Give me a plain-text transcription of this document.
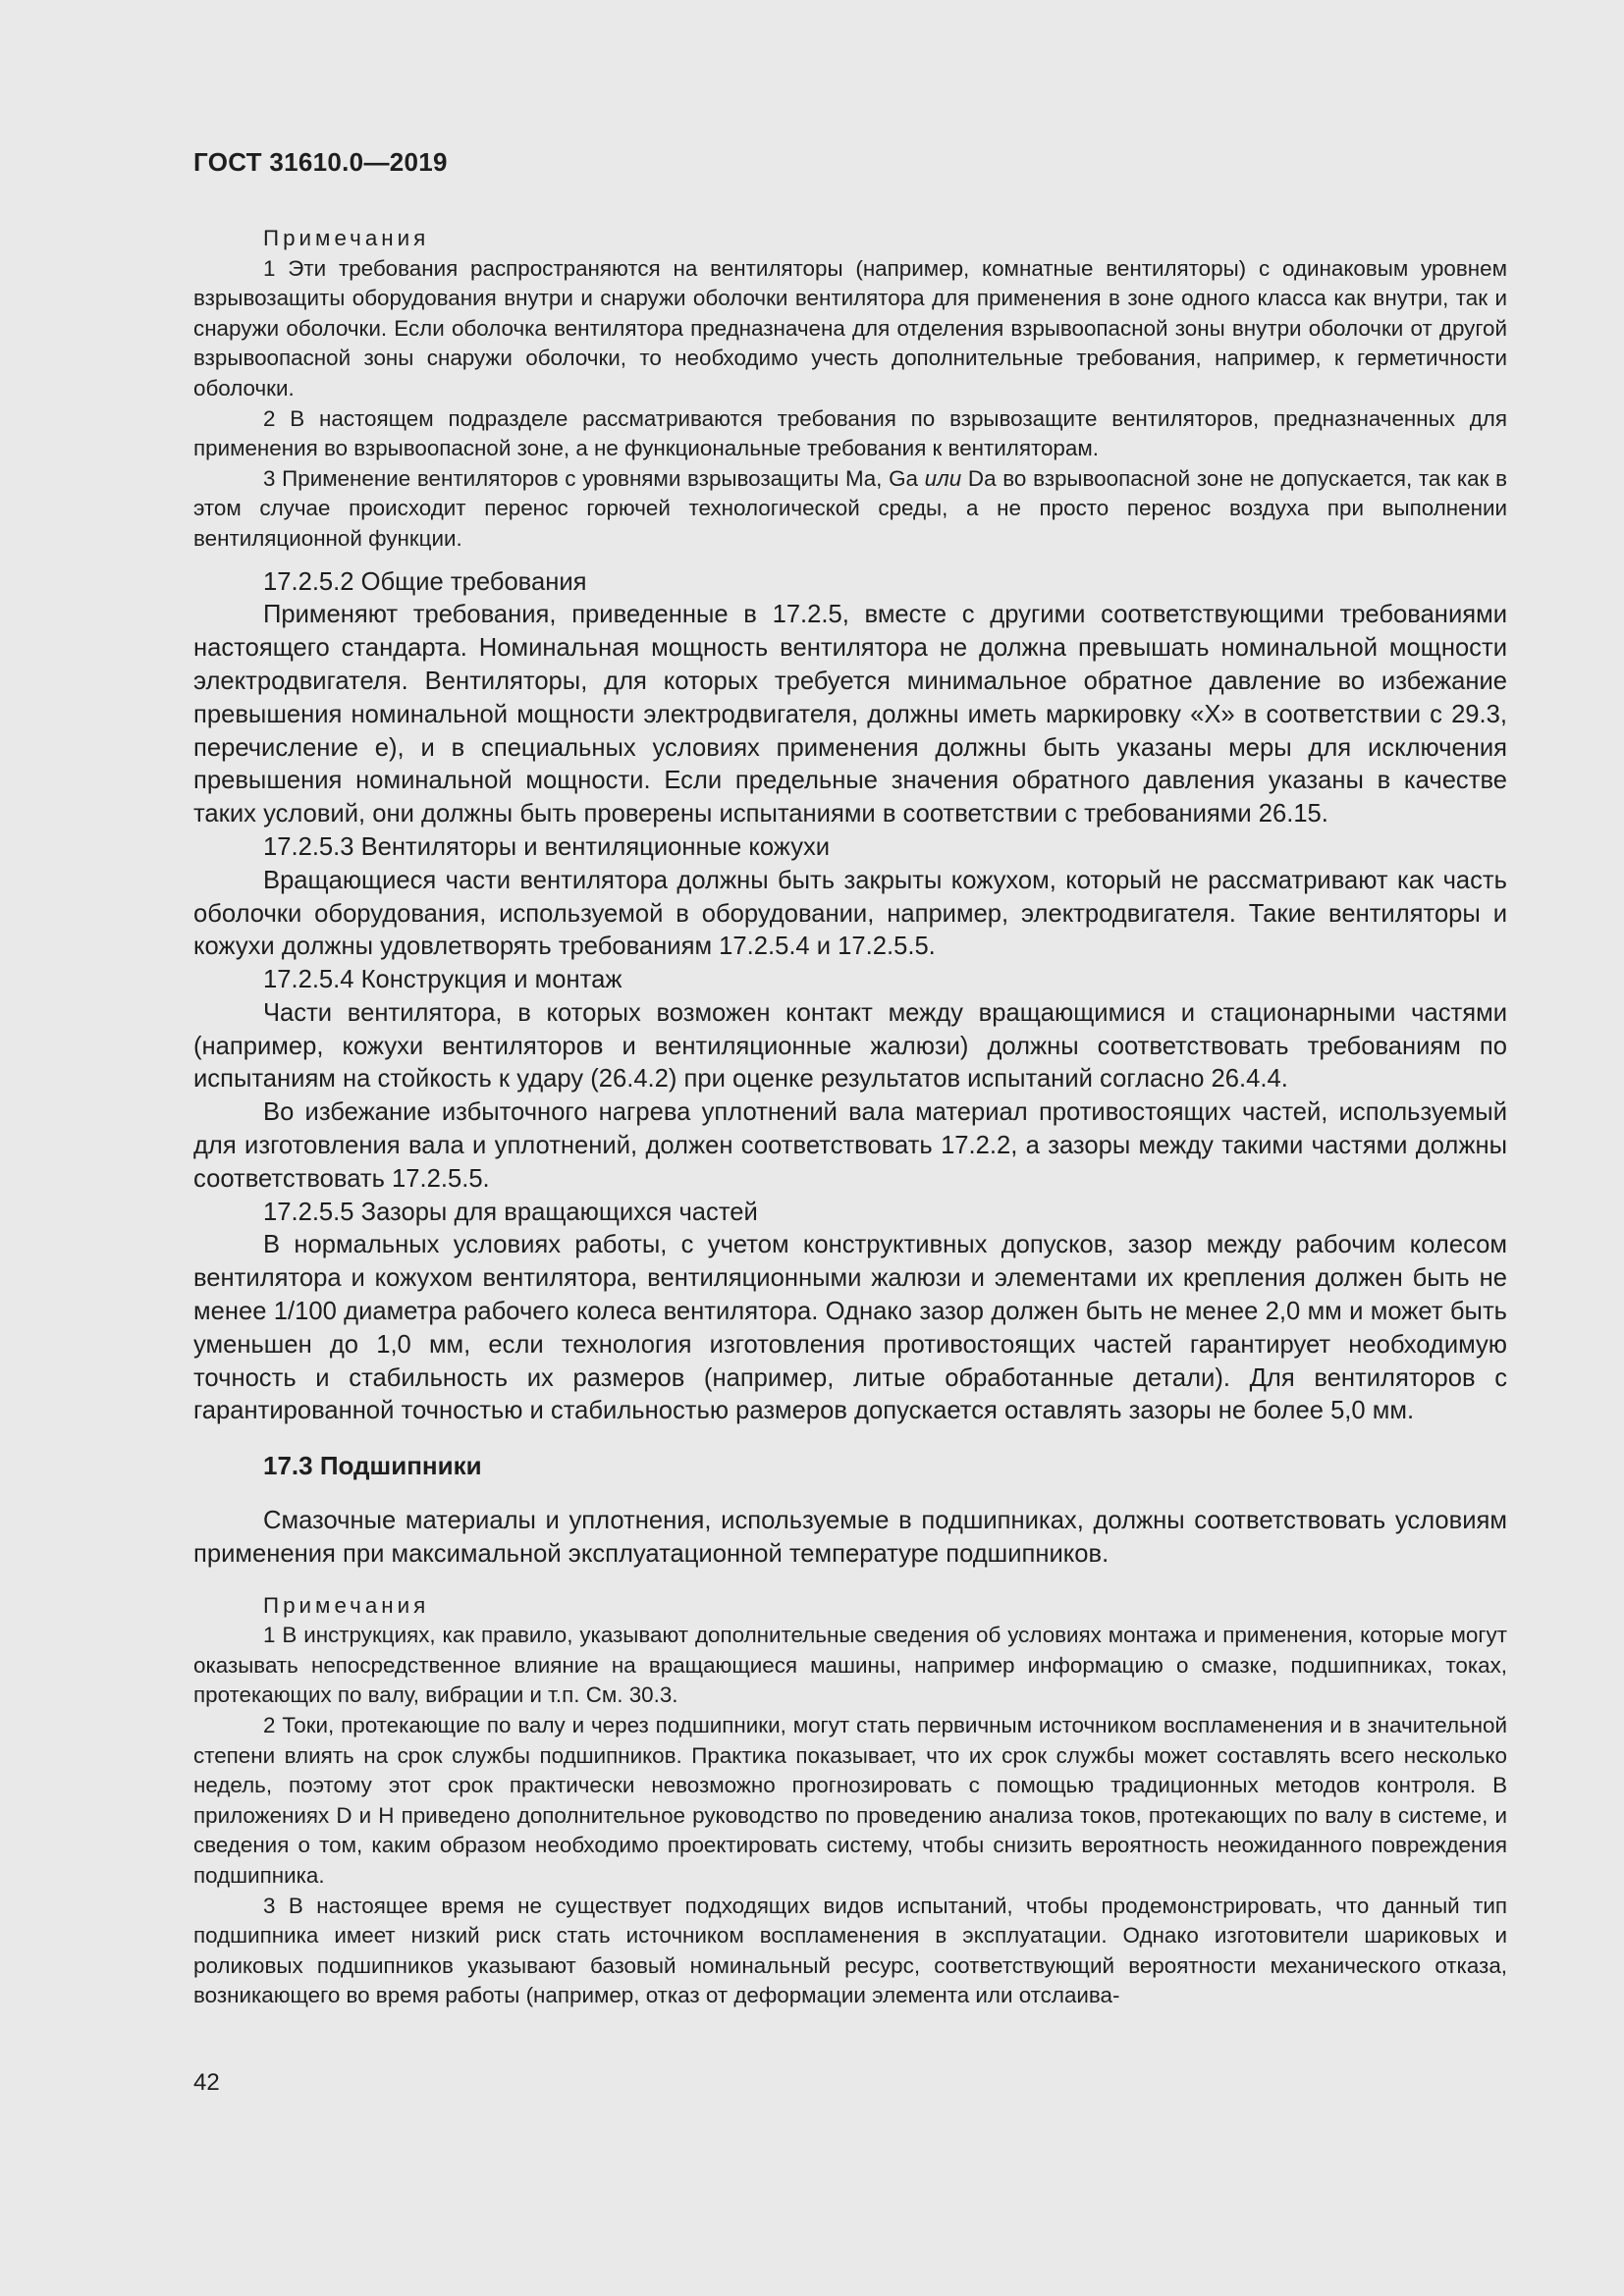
ГОСТ 31610.0—2019

Примечания

1 Эти требования распространяются на вентиляторы (например, комнатные вентиляторы) с одинаковым уровнем взрывозащиты оборудования внутри и снаружи оболочки вентилятора для применения в зоне одного класса как внутри, так и снаружи оболочки. Если оболочка вентилятора предназначена для отделения взрывоопасной зоны внутри оболочки от другой взрывоопасной зоны снаружи оболочки, то необходимо учесть дополнительные требования, например, к герметичности оболочки.

2 В настоящем подразделе рассматриваются требования по взрывозащите вентиляторов, предназначенных для применения во взрывоопасной зоне, а не функциональные требования к вентиляторам.

3 Применение вентиляторов с уровнями взрывозащиты Ma, Ga или Da во взрывоопасной зоне не допускается, так как в этом случае происходит перенос горючей технологической среды, а не просто перенос воздуха при выполнении вентиляционной функции.

17.2.5.2 Общие требования

Применяют требования, приведенные в 17.2.5, вместе с другими соответствующими требованиями настоящего стандарта. Номинальная мощность вентилятора не должна превышать номинальной мощности электродвигателя. Вентиляторы, для которых требуется минимальное обратное давление во избежание превышения номинальной мощности электродвигателя, должны иметь маркировку «X» в соответствии с 29.3, перечисление е), и в специальных условиях применения должны быть указаны меры для исключения превышения номинальной мощности. Если предельные значения обратного давления указаны в качестве таких условий, они должны быть проверены испытаниями в соответствии с требованиями 26.15.

17.2.5.3 Вентиляторы и вентиляционные кожухи

Вращающиеся части вентилятора должны быть закрыты кожухом, который не рассматривают как часть оболочки оборудования, используемой в оборудовании, например, электродвигателя. Такие вентиляторы и кожухи должны удовлетворять требованиям 17.2.5.4 и 17.2.5.5.

17.2.5.4 Конструкция и монтаж

Части вентилятора, в которых возможен контакт между вращающимися и стационарными частями (например, кожухи вентиляторов и вентиляционные жалюзи) должны соответствовать требованиям по испытаниям на стойкость к удару (26.4.2) при оценке результатов испытаний согласно 26.4.4.

Во избежание избыточного нагрева уплотнений вала материал противостоящих частей, используемый для изготовления вала и уплотнений, должен соответствовать 17.2.2, а зазоры между такими частями должны соответствовать 17.2.5.5.

17.2.5.5 Зазоры для вращающихся частей

В нормальных условиях работы, с учетом конструктивных допусков, зазор между рабочим колесом вентилятора и кожухом вентилятора, вентиляционными жалюзи и элементами их крепления должен быть не менее 1/100 диаметра рабочего колеса вентилятора. Однако зазор должен быть не менее 2,0 мм и может быть уменьшен до 1,0 мм, если технология изготовления противостоящих частей гарантирует необходимую точность и стабильность их размеров (например, литые обработанные детали). Для вентиляторов с гарантированной точностью и стабильностью размеров допускается оставлять зазоры не более 5,0 мм.

17.3 Подшипники

Смазочные материалы и уплотнения, используемые в подшипниках, должны соответствовать условиям применения при максимальной эксплуатационной температуре подшипников.

Примечания

1 В инструкциях, как правило, указывают дополнительные сведения об условиях монтажа и применения, которые могут оказывать непосредственное влияние на вращающиеся машины, например информацию о смазке, подшипниках, токах, протекающих по валу, вибрации и т.п. См. 30.3.

2 Токи, протекающие по валу и через подшипники, могут стать первичным источником воспламенения и в значительной степени влиять на срок службы подшипников. Практика показывает, что их срок службы может составлять всего несколько недель, поэтому этот срок практически невозможно прогнозировать с помощью традиционных методов контроля. В приложениях D и H приведено дополнительное руководство по проведению анализа токов, протекающих по валу в системе, и сведения о том, каким образом необходимо проектировать систему, чтобы снизить вероятность неожиданного повреждения подшипника.

3 В настоящее время не существует подходящих видов испытаний, чтобы продемонстрировать, что данный тип подшипника имеет низкий риск стать источником воспламенения в эксплуатации. Однако изготовители шариковых и роликовых подшипников указывают базовый номинальный ресурс, соответствующий вероятности механического отказа, возникающего во время работы (например, отказ от деформации элемента или отслаива-

42
